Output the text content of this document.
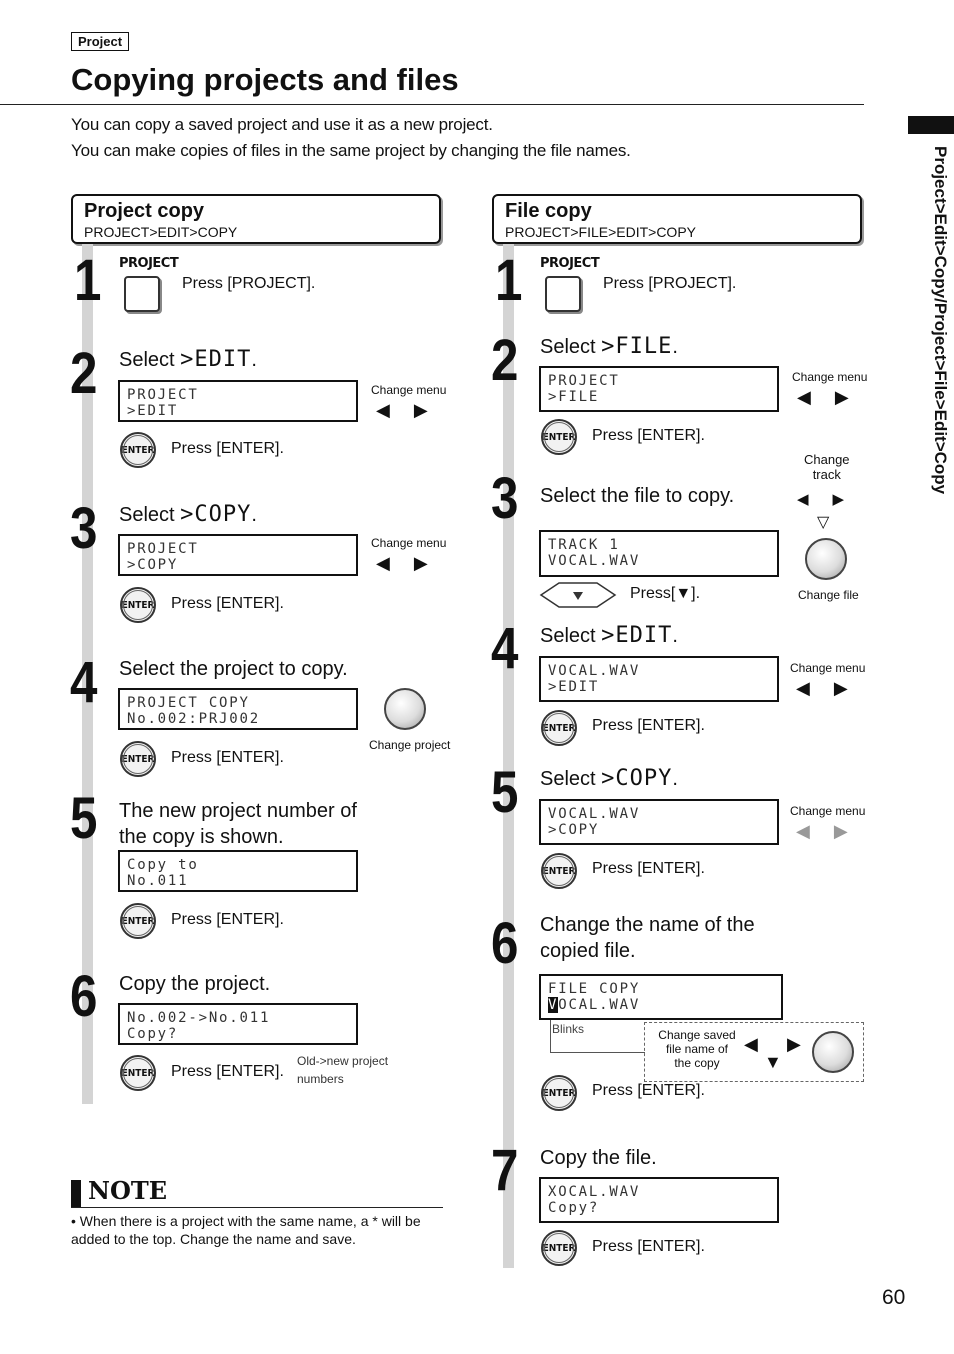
Project
Copying projects and files
You can copy a saved project and use it as a new project.
You can make copies of files in the same project by changing the file names.	Project>Edit>Copy/Project>File>Edit>Copy
Project copy
PROJECT>EDIT>COPY
1 PROJECT
Press [PROJECT].
2 Select >EDIT.
PROJECT
>EDIT
Change menu
◀▶
ENTER Press [ENTER].
3 Select >COPY.
PROJECT
>COPY
Change menu
◀▶
ENTER Press [ENTER].
4 Select the project to copy.
PROJECT COPY
No.002:PRJ002
Change project
ENTER Press [ENTER].
5 The new project number of
the copy is shown.
Copy to
No.011
ENTER Press [ENTER].
6 Copy the project.
No.002->No.011
Copy?
ENTER Press [ENTER].
Old->new project
numbers
NOTE
• When there is a project with the same name, a * will be added to the top. Change the name and save.
File copy
PROJECT>FILE>EDIT>COPY
1 PROJECT
Press [PROJECT].
2 Select >FILE.
PROJECT
>FILE
Change menu
◀▶
ENTER Press [ENTER].
3 Select the file to copy.
Change
track
◀▶
▽
TRACK 1
VOCAL.WAV
Press[▼].	Change file
4 Select >EDIT.
VOCAL.WAV
>EDIT
Change menu
◀▶
ENTER Press [ENTER].
5 Select >COPY.
VOCAL.WAV
>COPY
Change menu
◀▶
ENTER Press [ENTER].
6 Change the name of the
copied file.
FILE COPY
VOCAL.WAV
Blinks	Change saved
file name of
the copy
◀ ▶
▼
ENTER Press [ENTER].
7 Copy the file.
XOCAL.WAV
Copy?
ENTER Press [ENTER].
60
